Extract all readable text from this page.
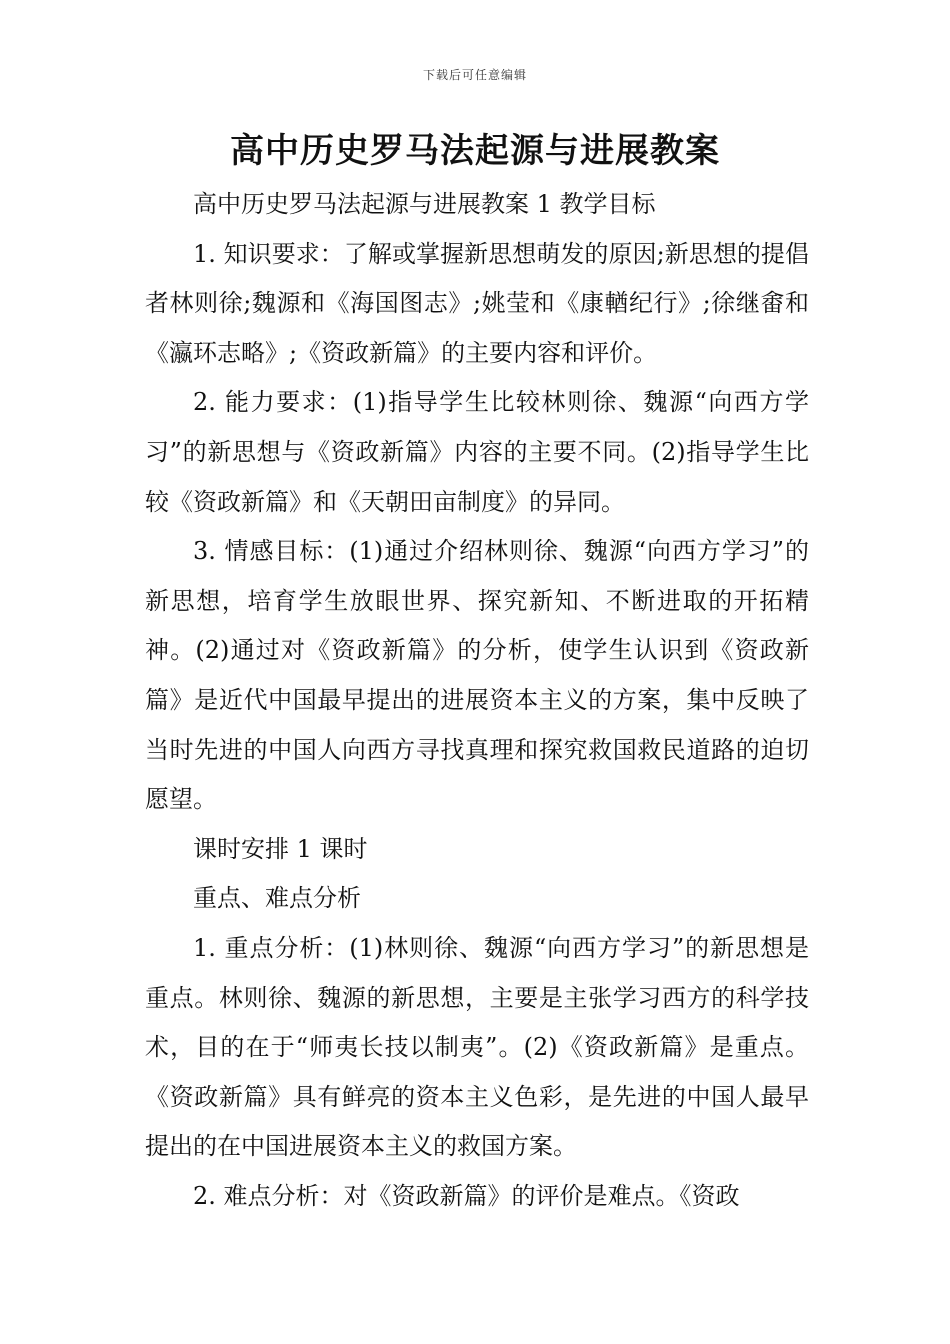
下载后可任意编辑
高中历史罗马法起源与进展教案

高中历史罗马法起源与进展教案 1 教学目标

1. 知识要求：了解或掌握新思想萌发的原因;新思想的提倡者林则徐;魏源和《海国图志》;姚莹和《康輶纪行》;徐继畬和《瀛环志略》;《资政新篇》的主要内容和评价。

2. 能力要求：(1)指导学生比较林则徐、魏源“向西方学习”的新思想与《资政新篇》内容的主要不同。(2)指导学生比较《资政新篇》和《天朝田亩制度》的异同。

3. 情感目标：(1)通过介绍林则徐、魏源“向西方学习”的新思想，培育学生放眼世界、探究新知、不断进取的开拓精神。(2)通过对《资政新篇》的分析，使学生认识到《资政新篇》是近代中国最早提出的进展资本主义的方案，集中反映了当时先进的中国人向西方寻找真理和探究救国救民道路的迫切愿望。

课时安排 1 课时

重点、难点分析

1. 重点分析：(1)林则徐、魏源“向西方学习”的新思想是重点。林则徐、魏源的新思想，主要是主张学习西方的科学技术，目的在于“师夷长技以制夷”。(2)《资政新篇》是重点。《资政新篇》具有鲜亮的资本主义色彩，是先进的中国人最早提出的在中国进展资本主义的救国方案。

2. 难点分析：对《资政新篇》的评价是难点。《资政
